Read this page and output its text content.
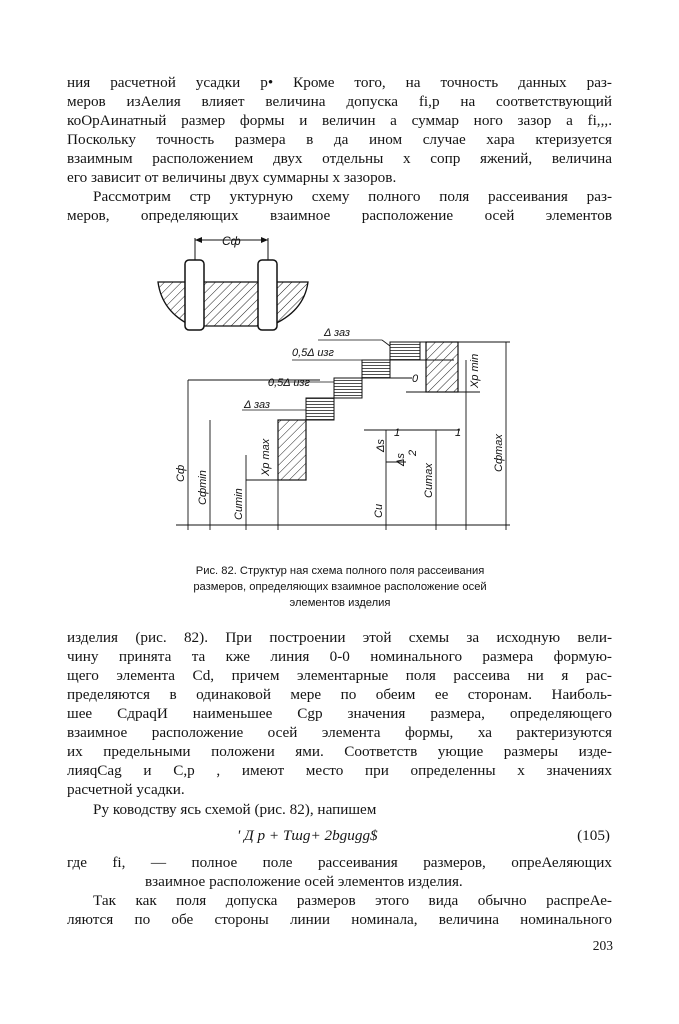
ния расчетной усадки р• Кроме того, на точность данных раз-
меров изАелия влияет величина допуска fi,р на соответствующий
коОрАинатный размер формы и величин а суммар ного зазор а fi,,,.
Поскольку точность размера в да ином случае хара ктеризуется
взаимным расположением двух отдельны х сопр яжений, величина
его зависит от величины двух суммарны х зазоров.
Рассмотрим стр уктурную схему полного поля рассеивания раз-
меров, определяющих взаимное расположение осей элементов
Cф
Δ заз
0,5Δ изг
0,5Δ изг	0
Δ заз
1	1
Xp max
Xp min
Δs
Δs
2
Cф Cфmin Cumin	Cu
Cumax
Cфmax
Рис. 82. Структур ная схема полного поля рассеивания
размеров, определяющих взаимное расположение осей
элементов изделия
изделия (рис. 82). При построении этой схемы за исходную вели-
чину принята та кже линия 0-0 номинального размера формую-
щего элемента Cd, причем элементарные поля рассеива ни я рас-
пределяются в одинаковой мере по обеим ее сторонам. Наиболь-
шее СдрaqИ наименьшее Сgр значения размера, определяющего
взаимное расположение осей элемента формы, ха рактеризуются
их предельными положени ями. Соответств ующие размеры изде-
лияqCag и C,р , имеют место при определенны х значениях
расчетной усадки.
Ру ководству ясь схемой (рис. 82), напишем
' Д р + Tшg+ 2bgugg$	(105)
где fi, — полное поле рассеивания размеров, опреАеляющих
взаимное расположение осей элементов изделия.
Так как поля допуска размеров этого вида обычно распреАе-
ляются по обе стороны линии номинала, величина номинального
203
